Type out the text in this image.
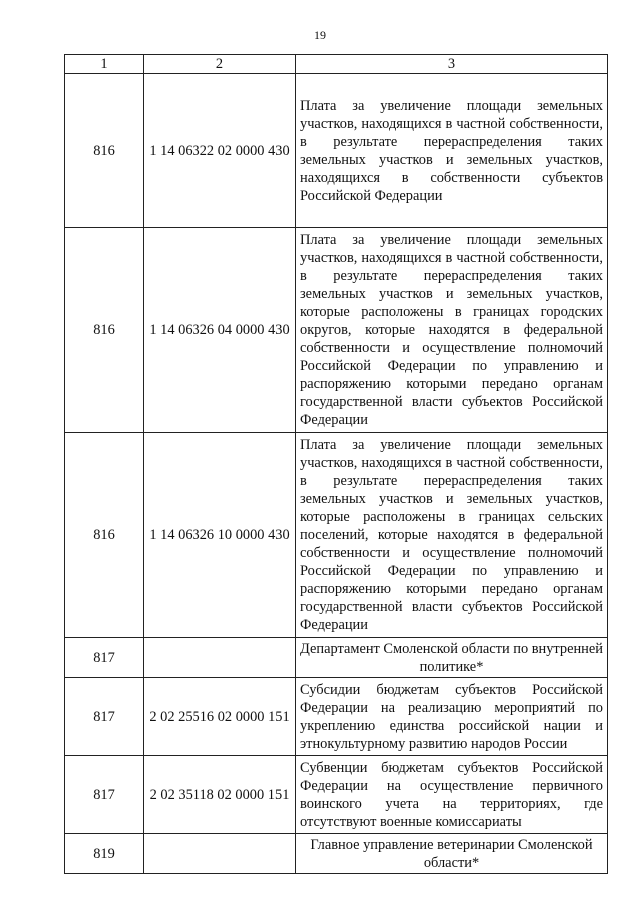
19
1	2	3
816	1 14 06322 02 0000 430	Плата за увеличение площади земельных участков, находящихся в частной собственности, в результате перераспределения таких земельных участков и земельных участков, находящихся в собственности субъектов Российской Федерации
816	1 14 06326 04 0000 430	Плата за увеличение площади земельных участков, находящихся в частной собственности, в результате перераспределения таких земельных участков и земельных участков, которые расположены в границах городских округов, которые находятся в федеральной собственности и осуществление полномочий Российской Федерации по управлению и распоряжению которыми передано органам государственной власти субъектов Российской Федерации
816	1 14 06326 10 0000 430	Плата за увеличение площади земельных участков, находящихся в частной собственности, в результате перераспределения таких земельных участков и земельных участков, которые расположены в границах сельских поселений, которые находятся в федеральной собственности и осуществление полномочий Российской Федерации по управлению и распоряжению которыми передано органам государственной власти субъектов Российской Федерации
817		Департамент Смоленской области по внутренней политике*
817	2 02 25516 02 0000 151	Субсидии бюджетам субъектов Российской Федерации на реализацию мероприятий по укреплению единства российской нации и этнокультурному развитию народов России
817	2 02 35118 02 0000 151	Субвенции бюджетам субъектов Российской Федерации на осуществление первичного воинского учета на территориях, где отсутствуют военные комиссариаты
819		Главное управление ветеринарии Смоленской области*
